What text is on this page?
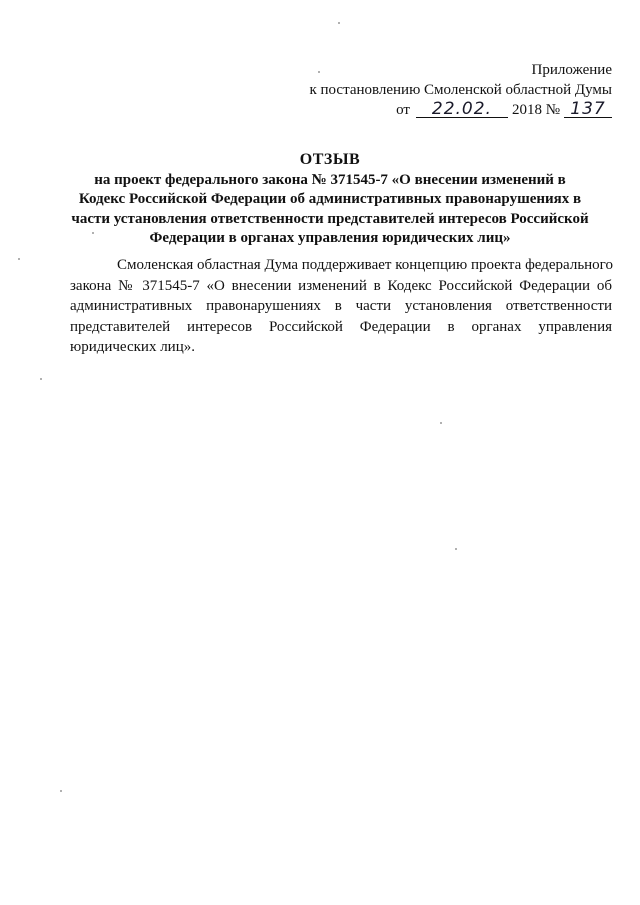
Приложение
к постановлению Смоленской областной Думы
от	22.02.	2018 № 137
ОТЗЫВ
на проект федерального закона № 371545-7 «О внесении изменений в
Кодекс Российской Федерации об административных правонарушениях в
части установления ответственности представителей интересов Российской
Федерации в органах управления юридических лиц»
Смоленская областная Дума поддерживает концепцию проекта федерального
закона № 371545-7 «О внесении изменений в Кодекс Российской Федерации об
административных правонарушениях в части установления ответственности
представителей интересов Российской Федерации в органах управления
юридических лиц».
